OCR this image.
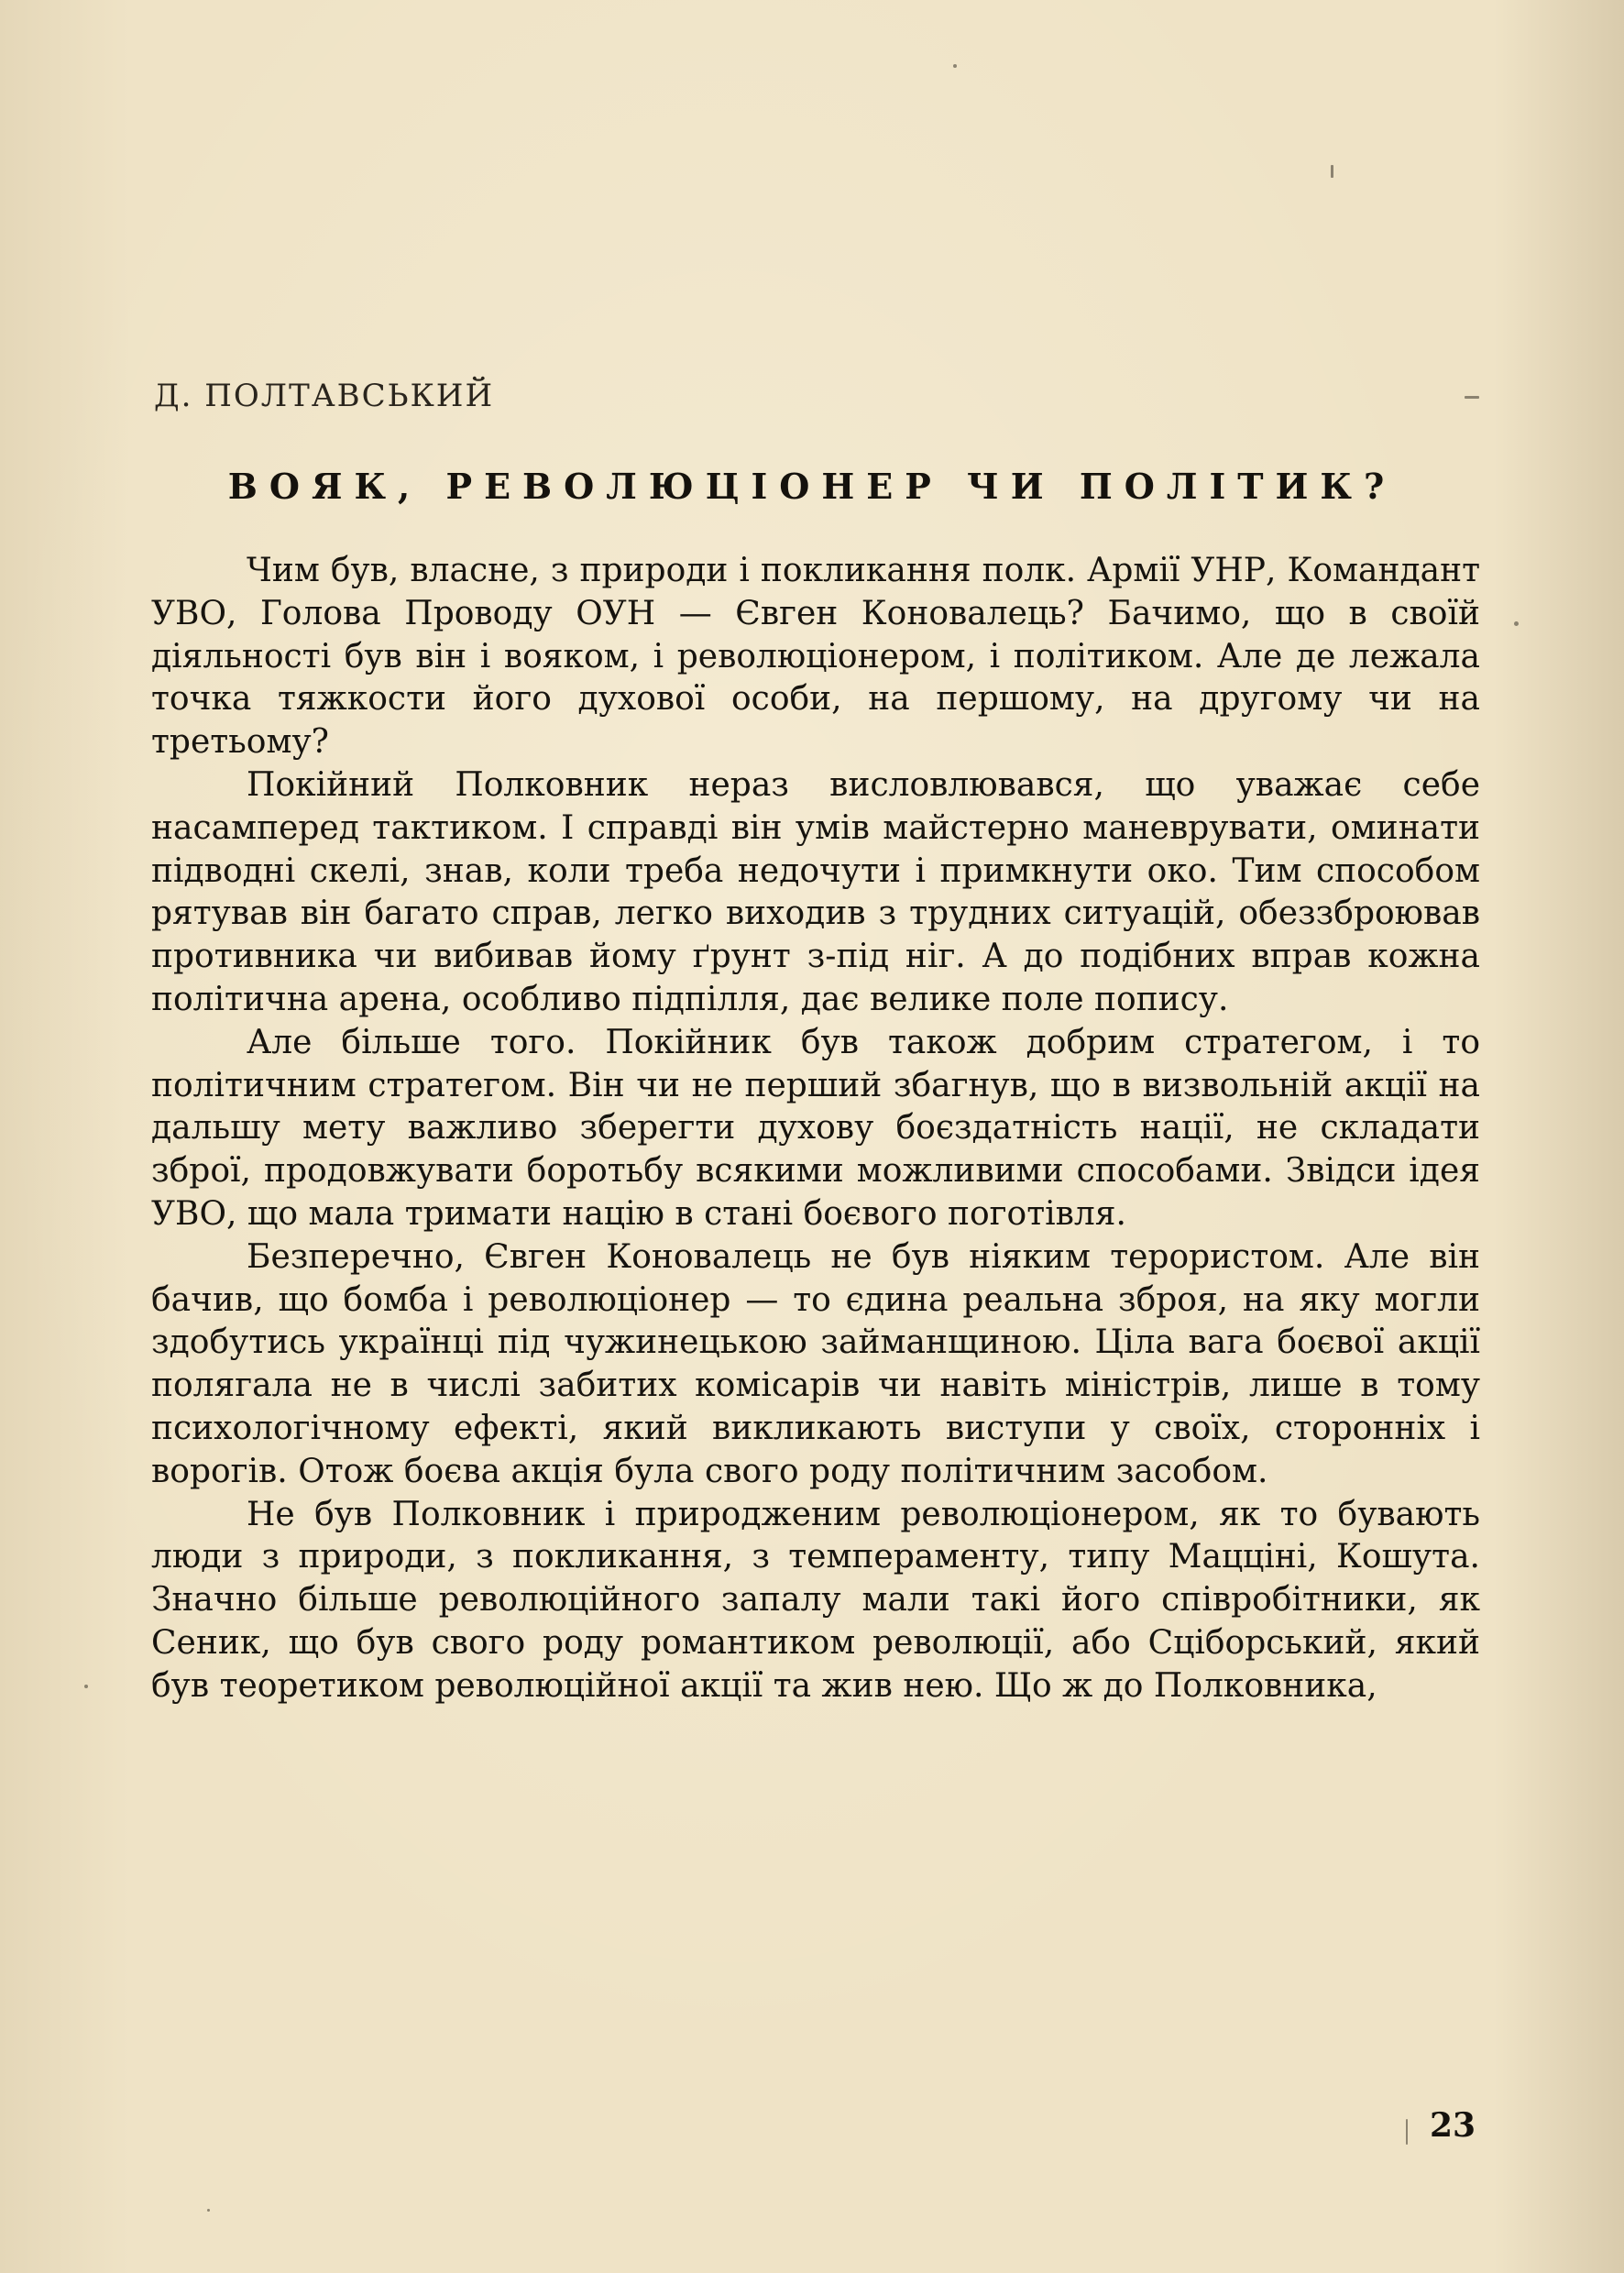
Д. ПОЛТАВСЬКИЙ
ВОЯК, РЕВОЛЮЦІОНЕР ЧИ ПОЛІТИК?

Чим був, власне, з природи і покликання полк. Армії УНР, Командант УВО, Голова Проводу ОУН — Євген Коновалець? Бачимо, що в своїй діяльності був він і вояком, і революціонером, і політиком. Але де лежала точка тяжкости його духової особи, на першому, на другому чи на третьому?

Покійний Полковник нераз висловлювався, що уважає себе насамперед тактиком. І справді він умів майстерно маневрувати, оминати підводні скелі, знав, коли треба недочути і примкнути око. Тим способом рятував він багато справ, легко виходив з трудних ситуацій, обеззброював противника чи вибивав йому ґрунт з-під ніг. А до подібних вправ кожна політична арена, особливо підпілля, дає велике поле попису.

Але більше того. Покійник був також добрим стратегом, і то політичним стратегом. Він чи не перший збагнув, що в визвольній акції на дальшу мету важливо зберегти духову боєздатність нації, не складати зброї, продовжувати боротьбу всякими можливими способами. Звідси ідея УВО, що мала тримати націю в стані боєвого поготівля.

Безперечно, Євген Коновалець не був ніяким терористом. Але він бачив, що бомба і революціонер — то єдина реальна зброя, на яку могли здобутись українці під чужинецькою займанщиною. Ціла вага боєвої акції полягала не в числі забитих комісарів чи навіть міністрів, лише в тому психологічному ефекті, який викликають виступи у своїх, сторонніх і ворогів. Отож боєва акція була свого роду політичним засобом.

Не був Полковник і природженим революціонером, як то бувають люди з природи, з покликання, з темпераменту, типу Мацціні, Кошута. Значно більше революційного запалу мали такі його співробітники, як Сеник, що був свого роду романтиком революції, або Сціборський, який був теоретиком революційної акції та жив нею. Що ж до Полковника,

23
